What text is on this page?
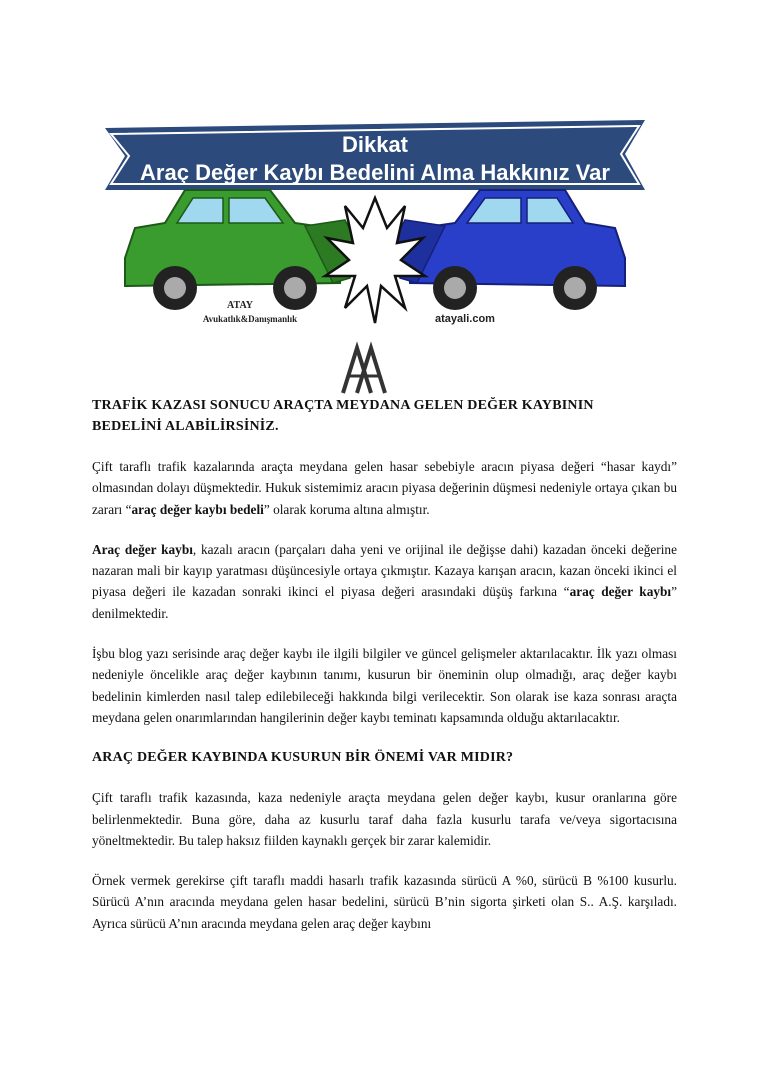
Dikkat
Araç Değer Kaybı Bedelini Alma Hakkınız Var
ATAY
Avukatlık&Danışmanlık	atayali.com
TRAFİK KAZASI SONUCU ARAÇTA MEYDANA GELEN DEĞER KAYBININ
BEDELİNİ ALABİLİRSİNİZ.

Çift taraflı trafik kazalarında araçta meydana gelen hasar sebebiyle aracın piyasa değeri “hasar kaydı” olmasından dolayı düşmektedir. Hukuk sistemimiz aracın piyasa değerinin düşmesi nedeniyle ortaya çıkan bu zararı “araç değer kaybı bedeli” olarak koruma altına almıştır.

Araç değer kaybı, kazalı aracın (parçaları daha yeni ve orijinal ile değişse dahi) kazadan önceki değerine nazaran mali bir kayıp yaratması düşüncesiyle ortaya çıkmıştır. Kazaya karışan aracın, kazan önceki ikinci el piyasa değeri ile kazadan sonraki ikinci el piyasa değeri arasındaki düşüş farkına “araç değer kaybı” denilmektedir.

İşbu blog yazı serisinde araç değer kaybı ile ilgili bilgiler ve güncel gelişmeler aktarılacaktır. İlk yazı olması nedeniyle öncelikle araç değer kaybının tanımı, kusurun bir öneminin olup olmadığı, araç değer kaybı bedelinin kimlerden nasıl talep edilebileceği hakkında bilgi verilecektir. Son olarak ise kaza sonrası araçta meydana gelen onarımlarından hangilerinin değer kaybı teminatı kapsamında olduğu aktarılacaktır.

ARAÇ DEĞER KAYBINDA KUSURUN BİR ÖNEMİ VAR MIDIR?

Çift taraflı trafik kazasında, kaza nedeniyle araçta meydana gelen değer kaybı, kusur oranlarına göre belirlenmektedir. Buna göre, daha az kusurlu taraf daha fazla kusurlu tarafa ve/veya sigortacısına yöneltmektedir. Bu talep haksız fiilden kaynaklı gerçek bir zarar kalemidir.

Örnek vermek gerekirse çift taraflı maddi hasarlı trafik kazasında sürücü A %0, sürücü B %100 kusurlu. Sürücü A’nın aracında meydana gelen hasar bedelini, sürücü B’nin sigorta şirketi olan S.. A.Ş. karşıladı. Ayrıca sürücü A’nın aracında meydana gelen araç değer kaybını
